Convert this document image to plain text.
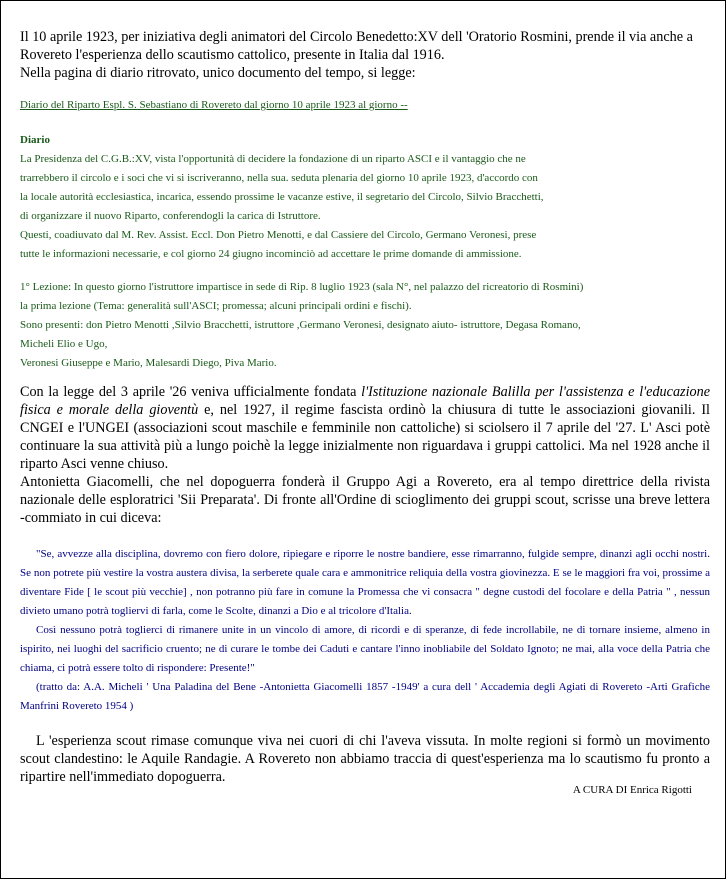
Il 10 aprile 1923, per iniziativa degli animatori del Circolo Benedetto:XV dell 'Oratorio Rosmini, prende il via anche a Rovereto l'esperienza dello scautismo cattolico, presente in Italia dal 1916.

Nella pagina di diario ritrovato, unico documento del tempo, si legge:

Diario del Riparto Espl. S. Sebastiano di Rovereto dal giorno 10 aprile 1923 al giorno --

Diario

La Presidenza del C.G.B.:XV, vista l'opportunità di decidere la fondazione di un riparto ASCI e il vantaggio che ne

trarrebbero il circolo e i soci che vi si iscriveranno, nella sua. seduta plenaria del giorno 10 aprile 1923, d'accordo con

la locale autorità ecclesiastica, incarica, essendo prossime le vacanze estive, il segretario del Circolo, Silvio Bracchetti,

di organizzare il nuovo Riparto, conferendogli la carica di Istruttore.

Questi, coadiuvato dal M. Rev. Assist. Eccl. Don Pietro Menotti, e dal Cassiere del Circolo, Germano Veronesi, prese

tutte le informazioni necessarie, e col giorno 24 giugno incominciò ad accettare le prime domande di ammissione.

1° Lezione: In questo giorno l'istruttore impartisce in sede di Rip. 8 luglio 1923 (sala N°, nel palazzo del ricreatorio di Rosmini)

la prima lezione (Tema: generalità sull'ASCI; promessa; alcuni principali ordini e fischi).

Sono presenti: don Pietro Menotti ,Silvio Bracchetti, istruttore ,Germano Veronesi, designato aiuto- istruttore, Degasa Romano,

Micheli Elio e Ugo,

Veronesi Giuseppe e Mario, Malesardi Diego, Piva Mario.

Con la legge del 3 aprile '26 veniva ufficialmente fondata l'Istituzione nazionale Balilla per l'assistenza e l'educazione fisica e morale della gioventù e, nel 1927, il regime fascista ordinò la chiusura di tutte le associazioni giovanili. Il CNGEI e l'UNGEI (associazioni scout maschile e femminile non cattoliche) si sciolsero il 7 aprile del '27. L' Asci potè continuare la sua attività più a lungo poichè la legge inizialmente non riguardava i gruppi cattolici. Ma nel 1928 anche il riparto Asci venne chiuso.

Antonietta Giacomelli, che nel dopoguerra fonderà il Gruppo Agi a Rovereto, era al tempo direttrice della rivista nazionale delle esploratrici 'Sii Preparata'. Di fronte all'Ordine di scioglimento dei gruppi scout, scrisse una breve lettera -commiato in cui diceva:

"Se, avvezze alla disciplina, dovremo con fiero dolore, ripiegare e riporre le nostre bandiere, esse rimarranno, fulgide sempre, dinanzi agli occhi nostri. Se non potrete più vestire la vostra austera divisa, la serberete quale cara e ammonitrice reliquia della vostra giovinezza. E se le maggiori fra voi, prossime a diventare Fide [ le scout più vecchie] , non potranno più fare in comune la Promessa che vi consacra " degne custodi del focolare e della Patria " , nessun divieto umano potrà togliervi di farla, come le Scolte, dinanzi a Dio e al tricolore d'Italia.

Così nessuno potrà toglierci di rimanere unite in un vincolo di amore, di ricordi e di speranze, di fede incrollabile, ne di tornare insieme, almeno in ispirito, nei luoghi del sacrificio cruento; ne di curare le tombe dei Caduti e cantare l'inno inobliabile del Soldato Ignoto; ne mai, alla voce della Patria che chiama, ci potrà essere tolto di rispondere: Presente!"

(tratto da: A.A. Micheli ' Una Paladina del Bene -Antonietta Giacomelli 1857 -1949' a cura dell ' Accademia degli Agiati di Rovereto -Arti Grafiche Manfrini Rovereto 1954 )

L 'esperienza scout rimase comunque viva nei cuori di chi l'aveva vissuta. In molte regioni si formò un movimento scout clandestino: le Aquile Randagie. A Rovereto non abbiamo traccia di quest'esperienza ma lo scautismo fu pronto a ripartire nell'immediato dopoguerra.

A CURA DI Enrica Rigotti
